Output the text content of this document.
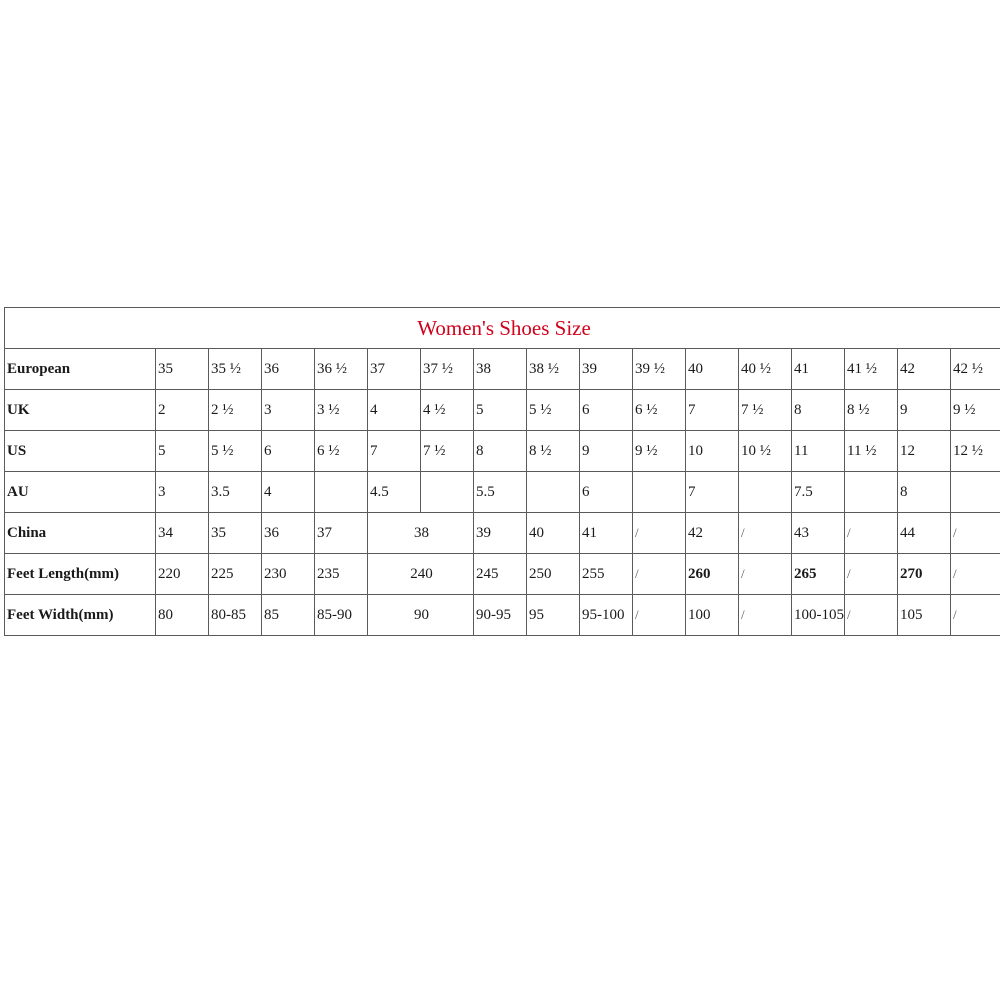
Women's Shoes Size																
European	35	35 ½	36	36 ½	37	37 ½	38	38 ½	39	39 ½	40	40 ½	41	41 ½	42	42 ½
UK	2	2 ½	3	3 ½	4	4 ½	5	5 ½	6	6 ½	7	7 ½	8	8 ½	9	9 ½
US	5	5 ½	6	6 ½	7	7 ½	8	8 ½	9	9 ½	10	10 ½	11	11 ½	12	12 ½
AU	3	3.5	4		4.5		5.5		6		7		7.5		8	
China	34	35	36	37	38		39	40	41	/	42	/	43	/	44	/
Feet Length(mm)	220	225	230	235	240		245	250	255	/	260	/	265	/	270	/
Feet Width(mm)	80	80-85	85	85-90	90		90-95	95	95-100	/	100	/	100-105	/	105	/
